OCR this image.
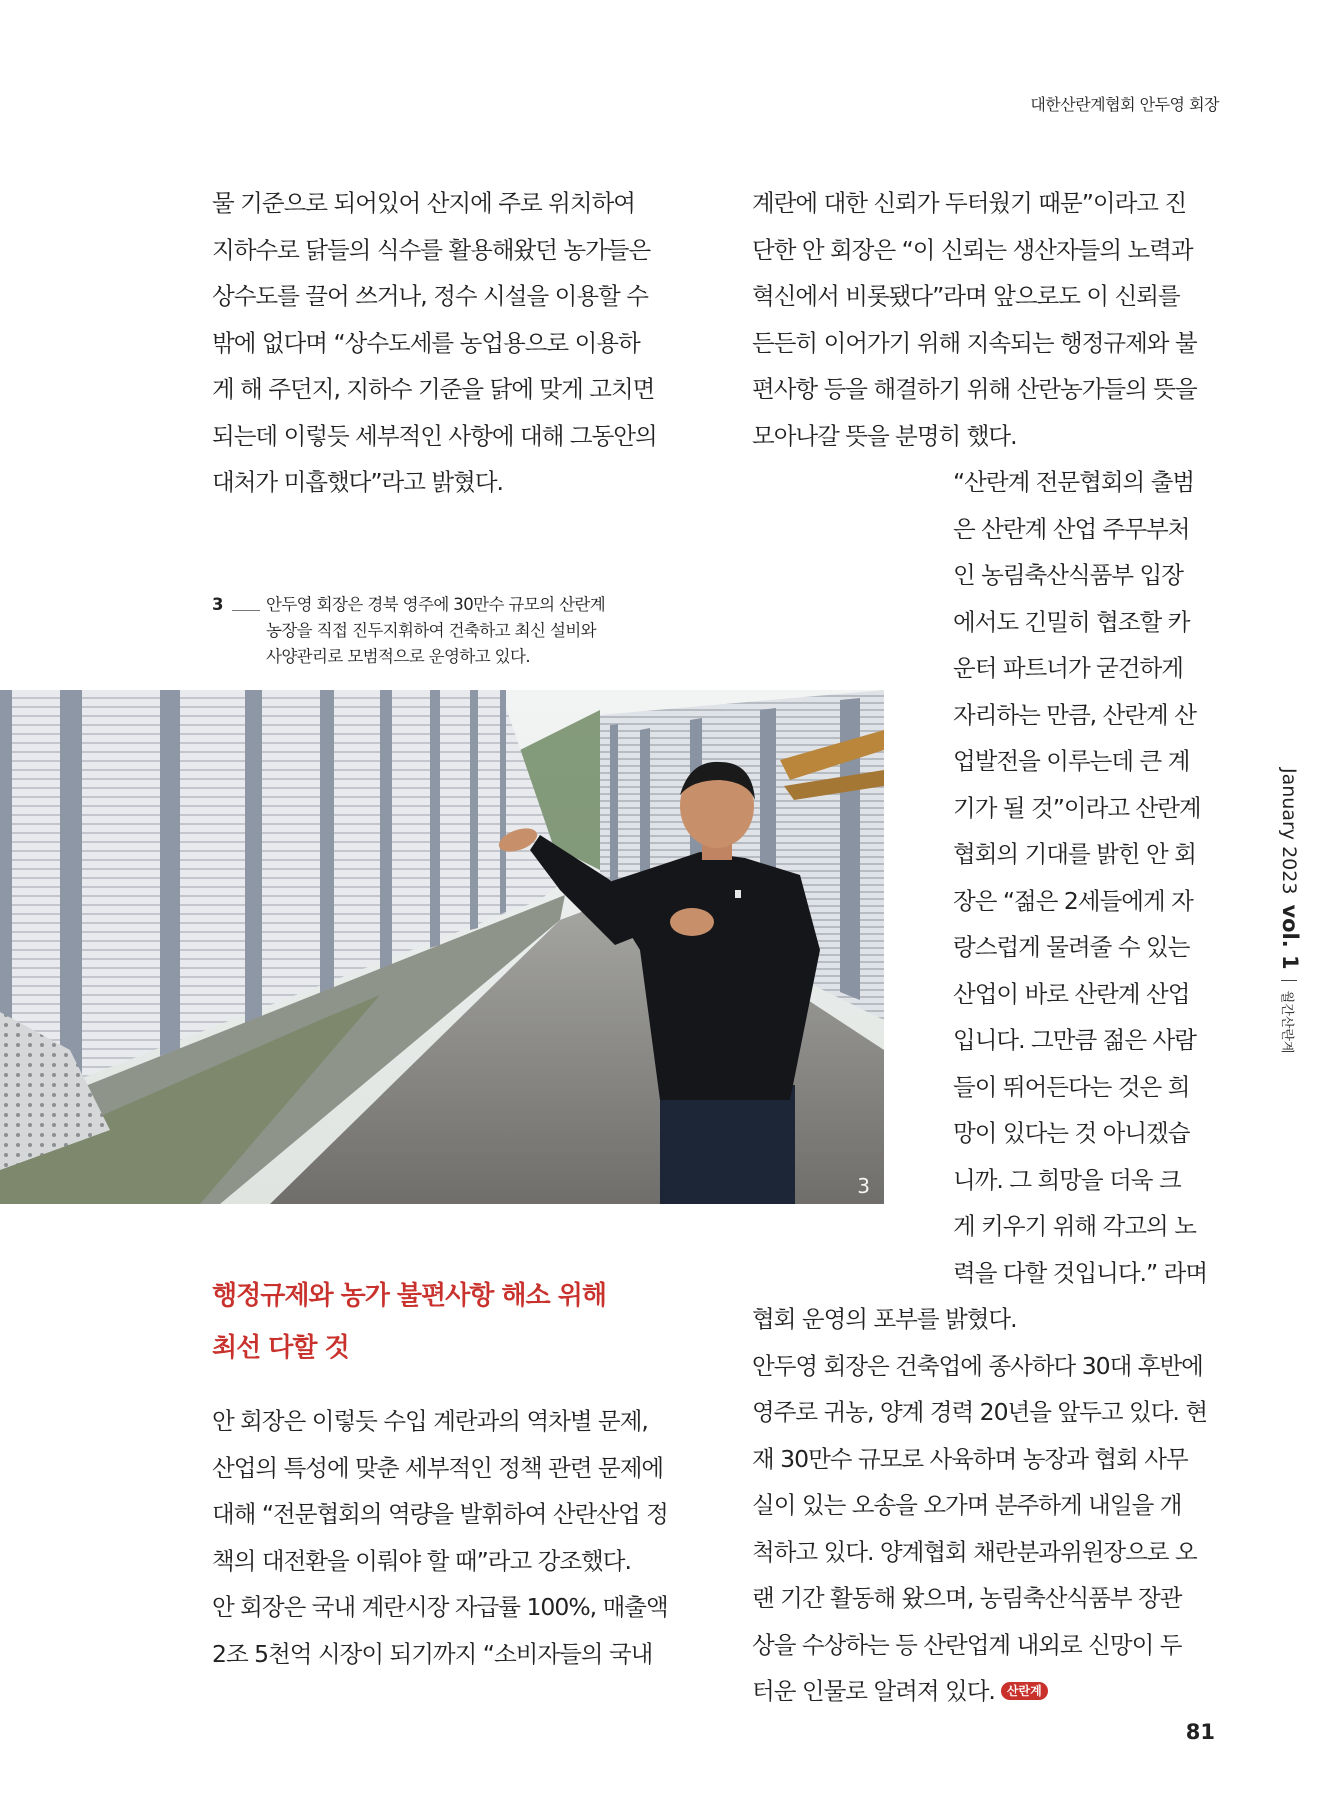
대한산란계협회 안두영 회장
물 기준으로 되어있어 산지에 주로 위치하여
지하수로 닭들의 식수를 활용해왔던 농가들은
상수도를 끌어 쓰거나, 정수 시설을 이용할 수
밖에 없다며 “상수도세를 농업용으로 이용하
게 해 주던지, 지하수 기준을 닭에 맞게 고치면
되는데 이렇듯 세부적인 사항에 대해 그동안의
대처가 미흡했다”라고 밝혔다.
3	안두영 회장은 경북 영주에 30만수 규모의 산란계
농장을 직접 진두지휘하여 건축하고 최신 설비와
사양관리로 모범적으로 운영하고 있다.
3
행정규제와 농가 불편사항 해소 위해
최선 다할 것
안 회장은 이렇듯 수입 계란과의 역차별 문제,
산업의 특성에 맞춘 세부적인 정책 관련 문제에
대해 “전문협회의 역량을 발휘하여 산란산업 정
책의 대전환을 이뤄야 할 때”라고 강조했다.
안 회장은 국내 계란시장 자급률 100%, 매출액
2조 5천억 시장이 되기까지 “소비자들의 국내
계란에 대한 신뢰가 두터웠기 때문”이라고 진
단한 안 회장은 “이 신뢰는 생산자들의 노력과
혁신에서 비롯됐다”라며 앞으로도 이 신뢰를
든든히 이어가기 위해 지속되는 행정규제와 불
편사항 등을 해결하기 위해 산란농가들의 뜻을
모아나갈 뜻을 분명히 했다.
“산란계 전문협회의 출범
은 산란계 산업 주무부처
인 농림축산식품부 입장
에서도 긴밀히 협조할 카
운터 파트너가 굳건하게
자리하는 만큼, 산란계 산
업발전을 이루는데 큰 계
기가 될 것”이라고 산란계
협회의 기대를 밝힌 안 회
장은 “젊은 2세들에게 자
랑스럽게 물려줄 수 있는
산업이 바로 산란계 산업
입니다. 그만큼 젊은 사람
들이 뛰어든다는 것은 희
망이 있다는 것 아니겠습
니까. 그 희망을 더욱 크
게 키우기 위해 각고의 노
력을 다할 것입니다.” 라며
협회 운영의 포부를 밝혔다.
안두영 회장은 건축업에 종사하다 30대 후반에
영주로 귀농, 양계 경력 20년을 앞두고 있다. 현
재 30만수 규모로 사육하며 농장과 협회 사무
실이 있는 오송을 오가며 분주하게 내일을 개
척하고 있다. 양계협회 채란분과위원장으로 오
랜 기간 활동해 왔으며, 농림축산식품부 장관
상을 수상하는 등 산란업계 내외로 신망이 두
터운 인물로 알려져 있다. 산란계
January 2023vol. 1월간산란계
81
